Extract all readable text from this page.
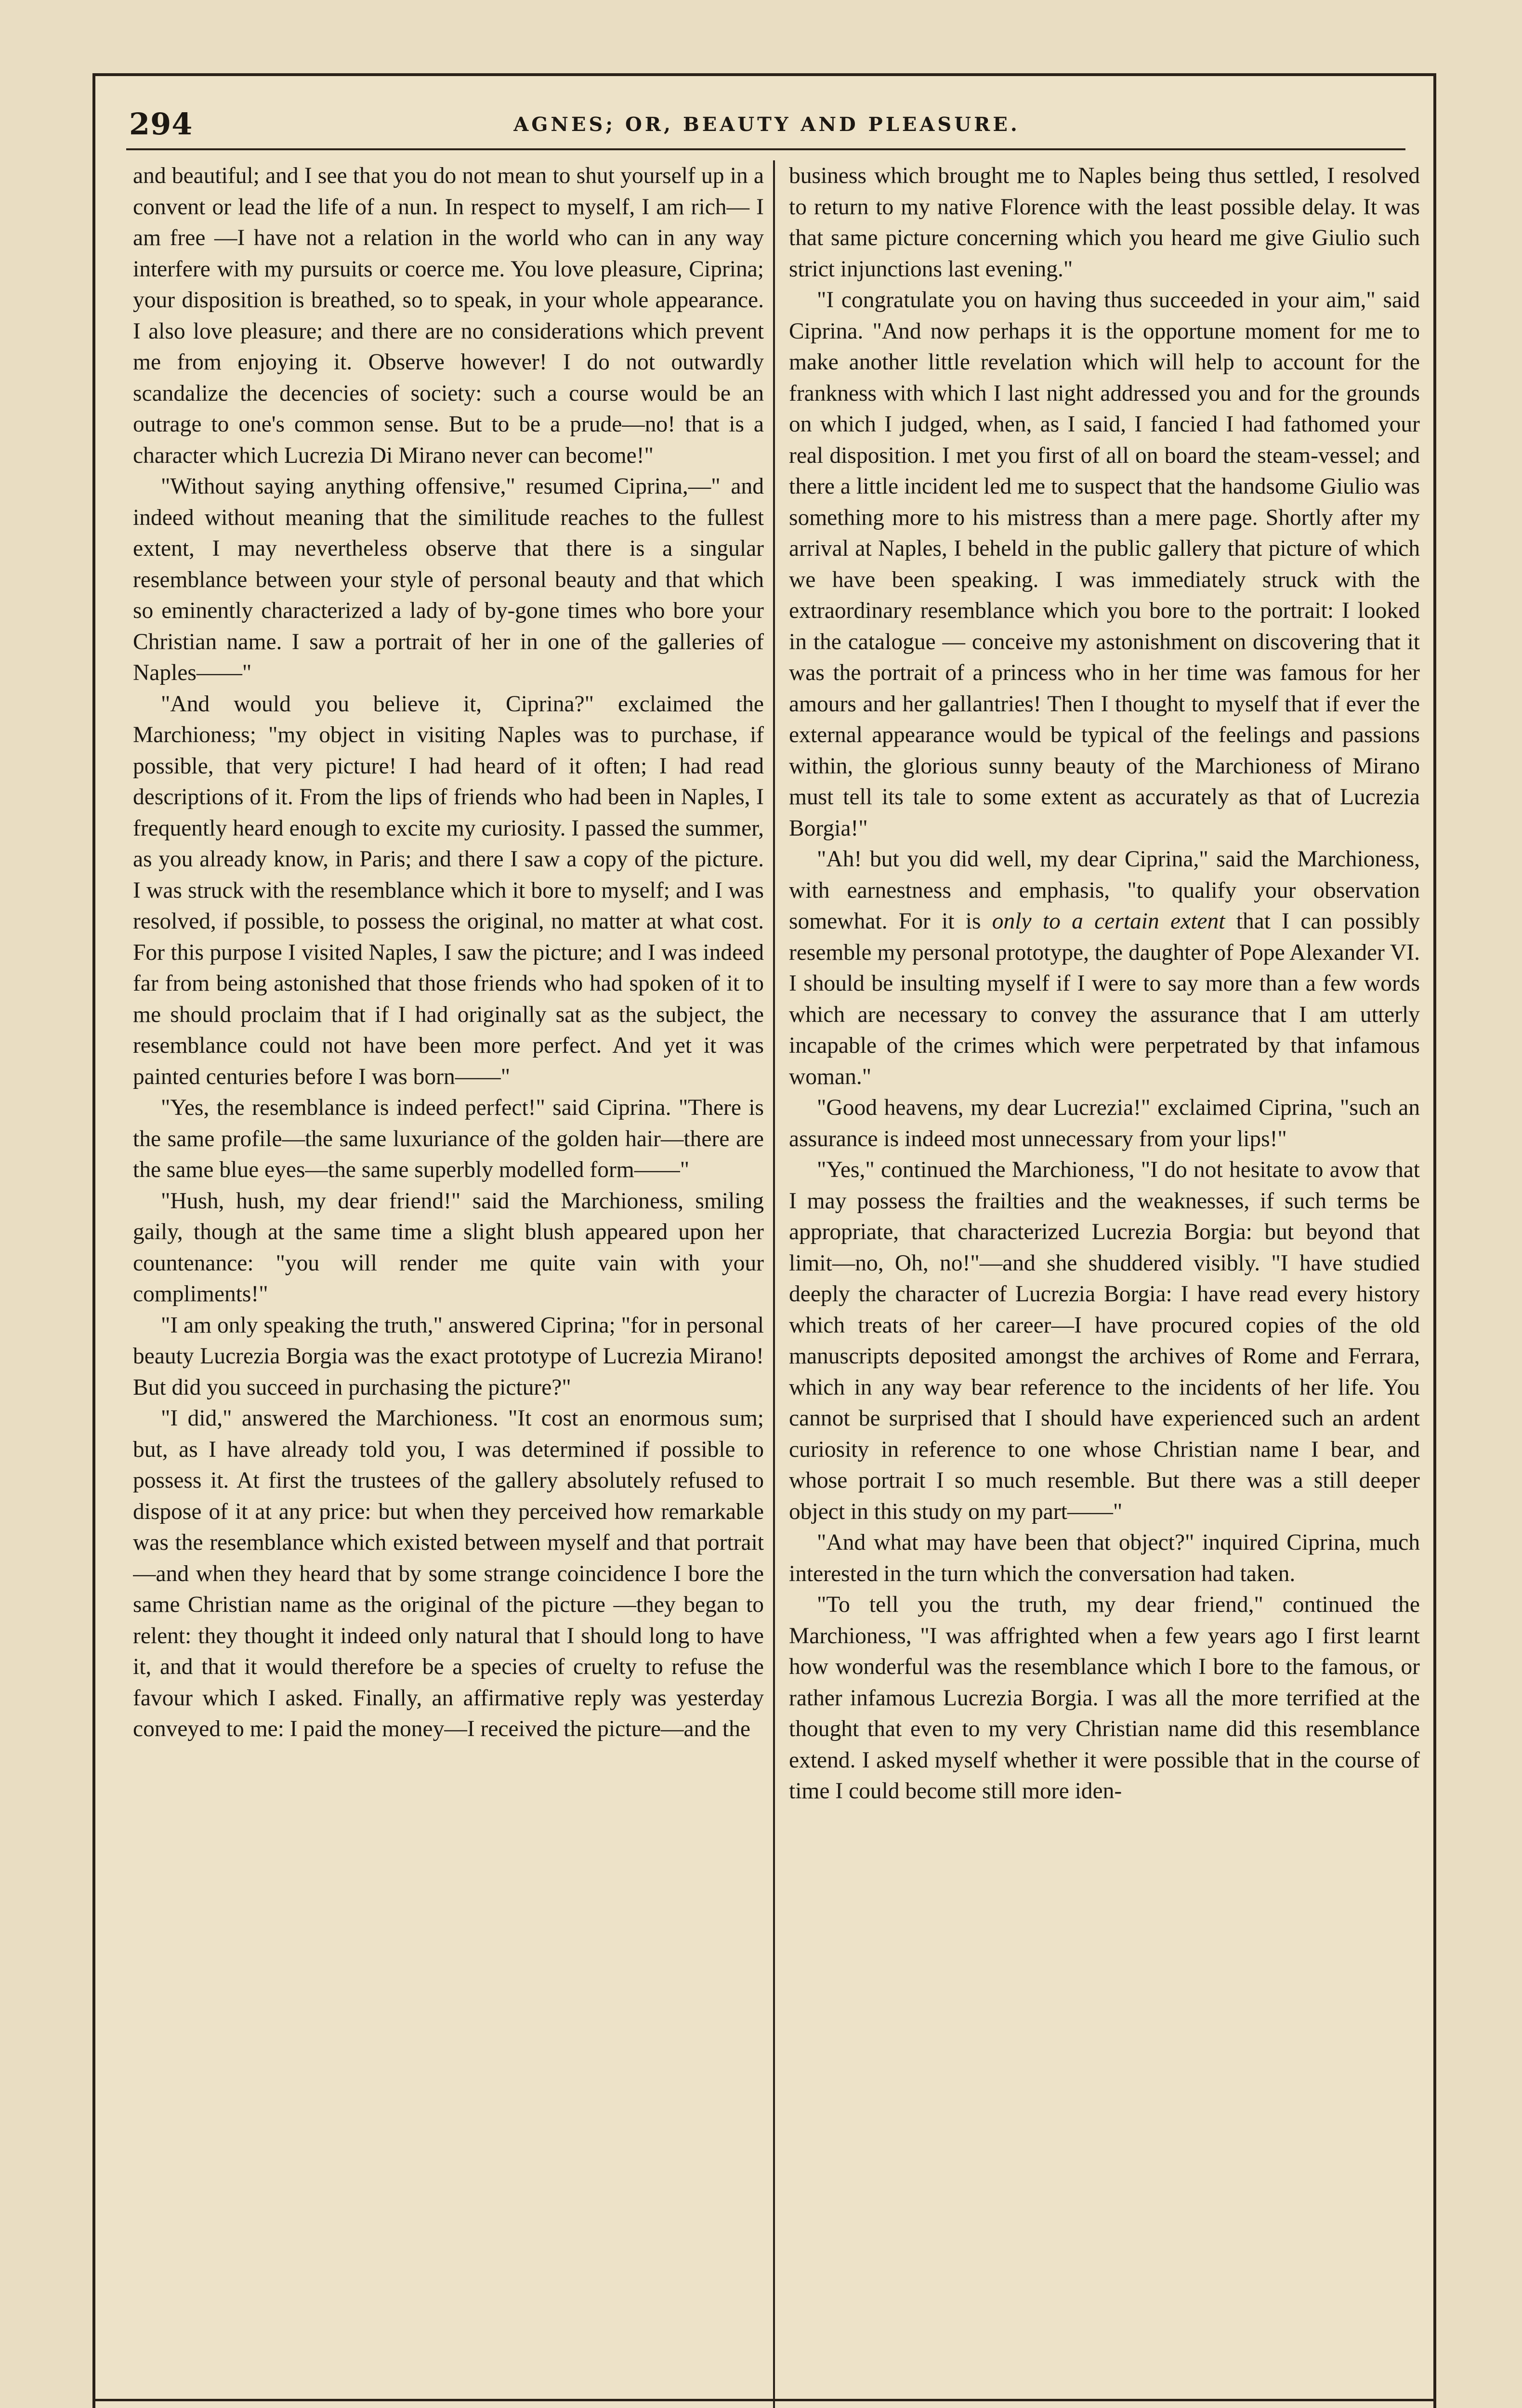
294	AGNES; OR, BEAUTY AND PLEASURE.

and beautiful; and I see that you do not mean to shut yourself up in a convent or lead the life of a nun. In respect to myself, I am rich— I am free —I have not a relation in the world who can in any way interfere with my pursuits or coerce me. You love pleasure, Ciprina; your disposition is breathed, so to speak, in your whole appearance. I also love pleasure; and there are no considerations which prevent me from enjoying it. Observe however! I do not outwardly scandalize the decencies of society: such a course would be an outrage to one's common sense. But to be a prude—no! that is a character which Lucrezia Di Mirano never can become!"

"Without saying anything offensive," resumed Ciprina,—" and indeed without meaning that the similitude reaches to the fullest extent, I may nevertheless observe that there is a singular resemblance between your style of personal beauty and that which so eminently characterized a lady of by-gone times who bore your Christian name. I saw a portrait of her in one of the galleries of Naples——"

"And would you believe it, Ciprina?" exclaimed the Marchioness; "my object in visiting Naples was to purchase, if possible, that very picture! I had heard of it often; I had read descriptions of it. From the lips of friends who had been in Naples, I frequently heard enough to excite my curiosity. I passed the summer, as you already know, in Paris; and there I saw a copy of the picture. I was struck with the resemblance which it bore to myself; and I was resolved, if possible, to possess the original, no matter at what cost. For this purpose I visited Naples, I saw the picture; and I was indeed far from being astonished that those friends who had spoken of it to me should proclaim that if I had originally sat as the subject, the resemblance could not have been more perfect. And yet it was painted centuries before I was born——"

"Yes, the resemblance is indeed perfect!" said Ciprina. "There is the same profile—the same luxuriance of the golden hair—there are the same blue eyes—the same superbly modelled form——"

"Hush, hush, my dear friend!" said the Marchioness, smiling gaily, though at the same time a slight blush appeared upon her countenance: "you will render me quite vain with your compliments!"

"I am only speaking the truth," answered Ciprina; "for in personal beauty Lucrezia Borgia was the exact prototype of Lucrezia Mirano! But did you succeed in purchasing the picture?"

"I did," answered the Marchioness. "It cost an enormous sum; but, as I have already told you, I was determined if possible to possess it. At first the trustees of the gallery absolutely refused to dispose of it at any price: but when they perceived how remarkable was the resemblance which existed between myself and that portrait—and when they heard that by some strange coincidence I bore the same Christian name as the original of the picture —they began to relent: they thought it indeed only natural that I should long to have it, and that it would therefore be a species of cruelty to refuse the favour which I asked. Finally, an affirmative reply was yesterday conveyed to me: I paid the money—I received the picture—and the

business which brought me to Naples being thus settled, I resolved to return to my native Florence with the least possible delay. It was that same picture concerning which you heard me give Giulio such strict injunctions last evening."

"I congratulate you on having thus succeeded in your aim," said Ciprina. "And now perhaps it is the opportune moment for me to make another little revelation which will help to account for the frankness with which I last night addressed you and for the grounds on which I judged, when, as I said, I fancied I had fathomed your real disposition. I met you first of all on board the steam-vessel; and there a little incident led me to suspect that the handsome Giulio was something more to his mistress than a mere page. Shortly after my arrival at Naples, I beheld in the public gallery that picture of which we have been speaking. I was immediately struck with the extraordinary resemblance which you bore to the portrait: I looked in the catalogue — conceive my astonishment on discovering that it was the portrait of a princess who in her time was famous for her amours and her gallantries! Then I thought to myself that if ever the external appearance would be typical of the feelings and passions within, the glorious sunny beauty of the Marchioness of Mirano must tell its tale to some extent as accurately as that of Lucrezia Borgia!"

"Ah! but you did well, my dear Ciprina," said the Marchioness, with earnestness and emphasis, "to qualify your observation somewhat. For it is only to a certain extent that I can possibly resemble my personal prototype, the daughter of Pope Alexander VI. I should be insulting myself if I were to say more than a few words which are necessary to convey the assurance that I am utterly incapable of the crimes which were perpetrated by that infamous woman."

"Good heavens, my dear Lucrezia!" exclaimed Ciprina, "such an assurance is indeed most unnecessary from your lips!"

"Yes," continued the Marchioness, "I do not hesitate to avow that I may possess the frailties and the weaknesses, if such terms be appropriate, that characterized Lucrezia Borgia: but beyond that limit—no, Oh, no!"—and she shuddered visibly. "I have studied deeply the character of Lucrezia Borgia: I have read every history which treats of her career—I have procured copies of the old manuscripts deposited amongst the archives of Rome and Ferrara, which in any way bear reference to the incidents of her life. You cannot be surprised that I should have experienced such an ardent curiosity in reference to one whose Christian name I bear, and whose portrait I so much resemble. But there was a still deeper object in this study on my part——"

"And what may have been that object?" inquired Ciprina, much interested in the turn which the conversation had taken.

"To tell you the truth, my dear friend," continued the Marchioness, "I was affrighted when a few years ago I first learnt how wonderful was the resemblance which I bore to the famous, or rather infamous Lucrezia Borgia. I was all the more terrified at the thought that even to my very Christian name did this resemblance extend. I asked myself whether it were possible that in the course of time I could become still more iden-
